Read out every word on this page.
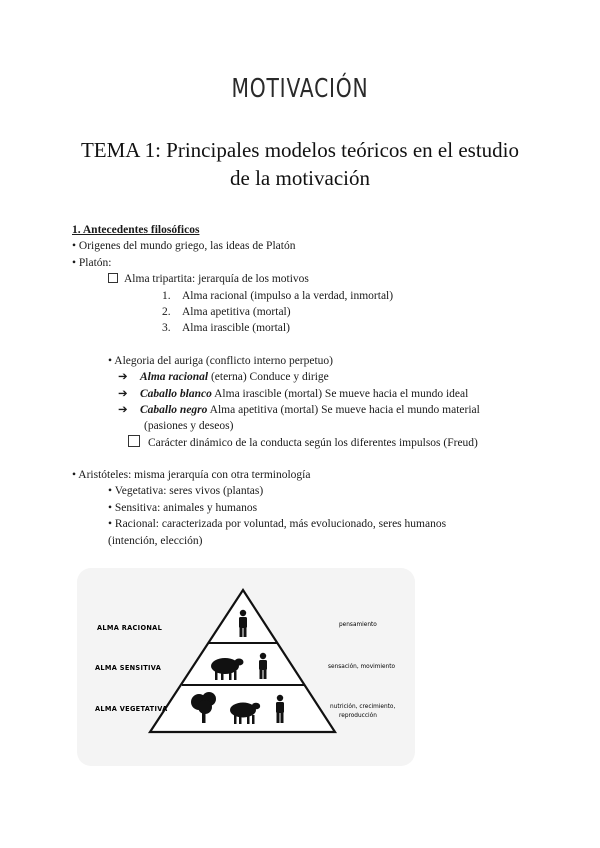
MOTIVACIÓN
TEMA 1: Principales modelos teóricos en el estudio
de la motivación
1. Antecedentes filosóficos
• Origenes del mundo griego, las ideas de Platón
• Platón:
Alma tripartita: jerarquía de los motivos
1. Alma racional (impulso a la verdad, inmortal)
2. Alma apetitiva (mortal)
3. Alma irascible (mortal)
• Alegoria del auriga (conflicto interno perpetuo)
➔ Alma racional (eterna) Conduce y dirige
➔ Caballo blanco Alma irascible (mortal) Se mueve hacia el mundo ideal
➔ Caballo negro Alma apetitiva (mortal) Se mueve hacia el mundo material
(pasiones y deseos)
Carácter dinámico de la conducta según los diferentes impulsos (Freud)
• Aristóteles: misma jerarquía con otra terminología
• Vegetativa: seres vivos (plantas)
• Sensitiva: animales y humanos
• Racional: caracterizada por voluntad, más evolucionado, seres humanos
(intención, elección)
ALMA RACIONAL
ALMA SENSITIVA
ALMA VEGETATIVA
pensamiento
sensación, movimiento
nutrición, crecimiento,
reproducción
